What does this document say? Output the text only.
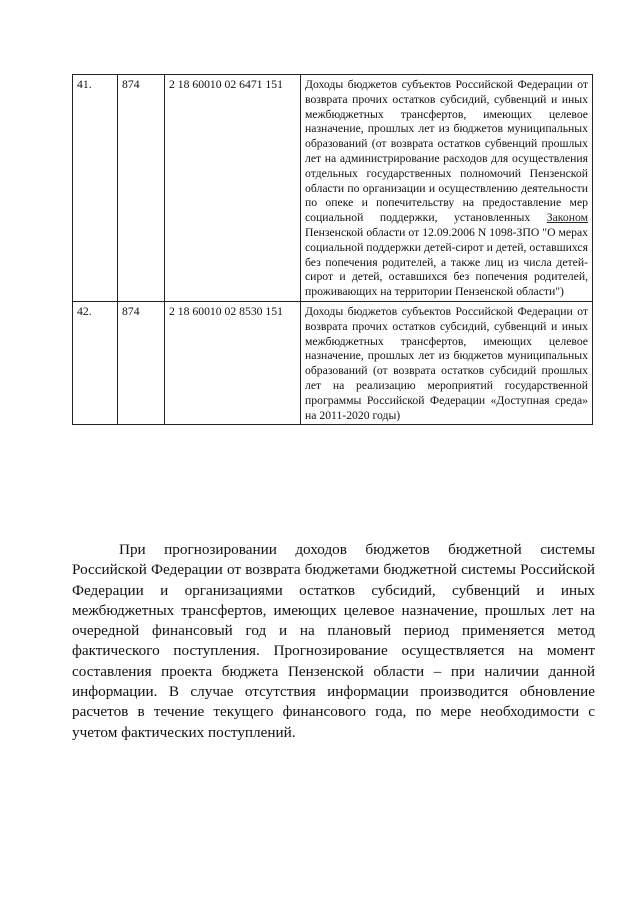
41.	874	2 18 60010 02 6471 151	Доходы бюджетов субъектов Российской Федерации от возврата прочих остатков субсидий, субвенций и иных межбюджетных трансфертов, имеющих целевое назначение, прошлых лет из бюджетов муниципальных образований (от возврата остатков субвенций прошлых лет на администрирование расходов для осуществления отдельных государственных полномочий Пензенской области по организации и осуществлению деятельности по опеке и попечительству на предоставление мер социальной поддержки, установленных Законом Пензенской области от 12.09.2006 N 1098-ЗПО "О мерах социальной поддержки детей-сирот и детей, оставшихся без попечения родителей, а также лиц из числа детей-сирот и детей, оставшихся без попечения родителей, проживающих на территории Пензенской области")
42.	874	2 18 60010 02 8530 151	Доходы бюджетов субъектов Российской Федерации от возврата прочих остатков субсидий, субвенций и иных межбюджетных трансфертов, имеющих целевое назначение, прошлых лет из бюджетов муниципальных образований (от возврата остатков субсидий прошлых лет на реализацию мероприятий государственной программы Российской Федерации «Доступная среда» на 2011-2020 годы)

При прогнозировании доходов бюджетов бюджетной системы Российской Федерации от возврата бюджетами бюджетной системы Российской Федерации и организациями остатков субсидий, субвенций и иных межбюджетных трансфертов, имеющих целевое назначение, прошлых лет на очередной финансовый год и на плановый период применяется метод фактического поступления. Прогнозирование осуществляется на момент составления проекта бюджета Пензенской области – при наличии данной информации. В случае отсутствия информации производится обновление расчетов в течение текущего финансового года, по мере необходимости с учетом фактических поступлений.
